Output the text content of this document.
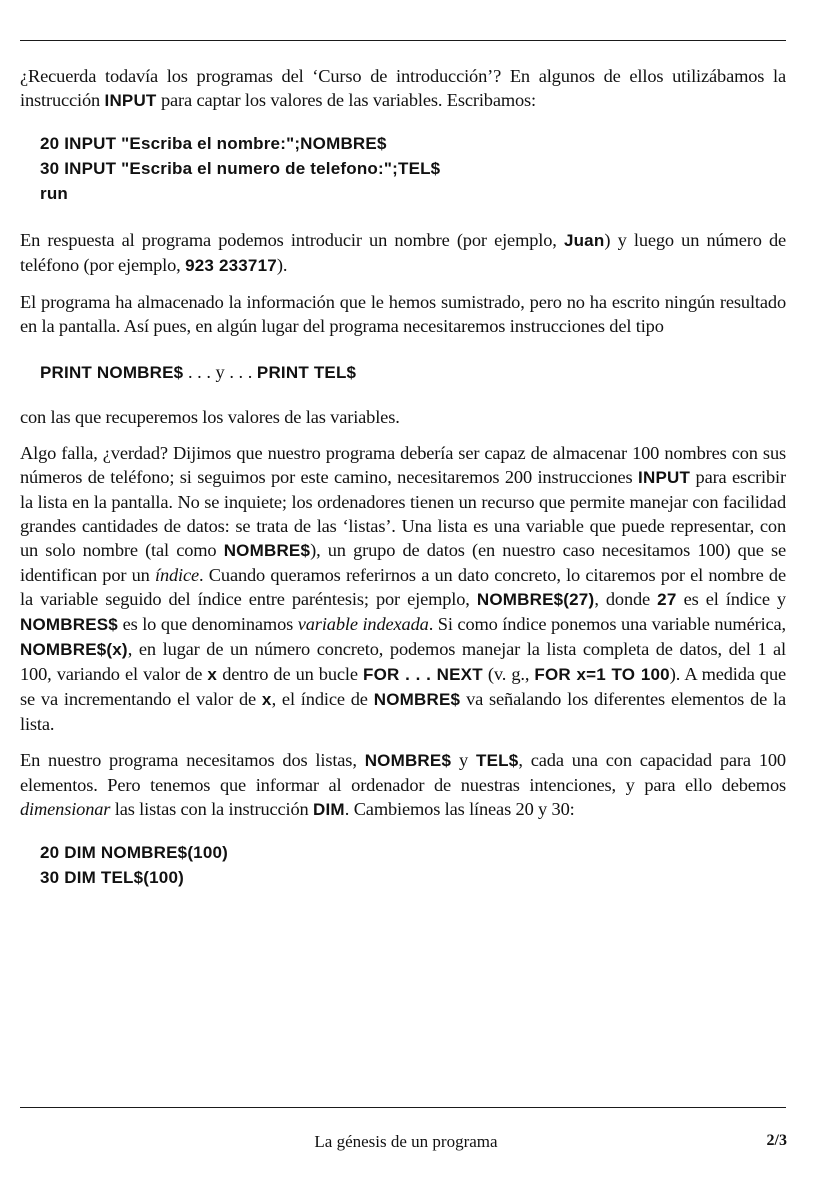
¿Recuerda todavía los programas del ‘Curso de introducción’? En algunos de ellos utilizábamos la instrucción INPUT para captar los valores de las variables. Escribamos:

20 INPUT "Escriba el nombre:";NOMBRE$
30 INPUT "Escriba el numero de telefono:";TEL$
run

En respuesta al programa podemos introducir un nombre (por ejemplo, Juan) y luego un número de teléfono (por ejemplo, 923 233717).

El programa ha almacenado la información que le hemos sumistrado, pero no ha escrito ningún resultado en la pantalla. Así pues, en algún lugar del programa necesitaremos instrucciones del tipo

PRINT NOMBRE$ . . . y . . . PRINT TEL$

con las que recuperemos los valores de las variables.

Algo falla, ¿verdad? Dijimos que nuestro programa debería ser capaz de almacenar 100 nombres con sus números de teléfono; si seguimos por este camino, necesitaremos 200 instrucciones INPUT para escribir la lista en la pantalla. No se inquiete; los ordenadores tienen un recurso que permite manejar con facilidad grandes cantidades de datos: se trata de las ‘listas’. Una lista es una variable que puede representar, con un solo nombre (tal como NOMBRE$), un grupo de datos (en nuestro caso necesitamos 100) que se identifican por un índice. Cuando queramos referirnos a un dato concreto, lo citaremos por el nombre de la variable seguido del índice entre paréntesis; por ejemplo, NOMBRE$(27), donde 27 es el índice y NOMBRES$ es lo que denominamos variable indexada. Si como índice ponemos una variable numérica, NOMBRE$(x), en lugar de un número concreto, podemos manejar la lista completa de datos, del 1 al 100, variando el valor de x dentro de un bucle FOR . . . NEXT (v. g., FOR x=1 TO 100). A medida que se va incrementando el valor de x, el índice de NOMBRE$ va señalando los diferentes elementos de la lista.

En nuestro programa necesitamos dos listas, NOMBRE$ y TEL$, cada una con capacidad para 100 elementos. Pero tenemos que informar al ordenador de nuestras intenciones, y para ello debemos dimensionar las listas con la instrucción DIM. Cambiemos las líneas 20 y 30:

20 DIM NOMBRE$(100)
30 DIM TEL$(100)
La génesis de un programa	2/3
